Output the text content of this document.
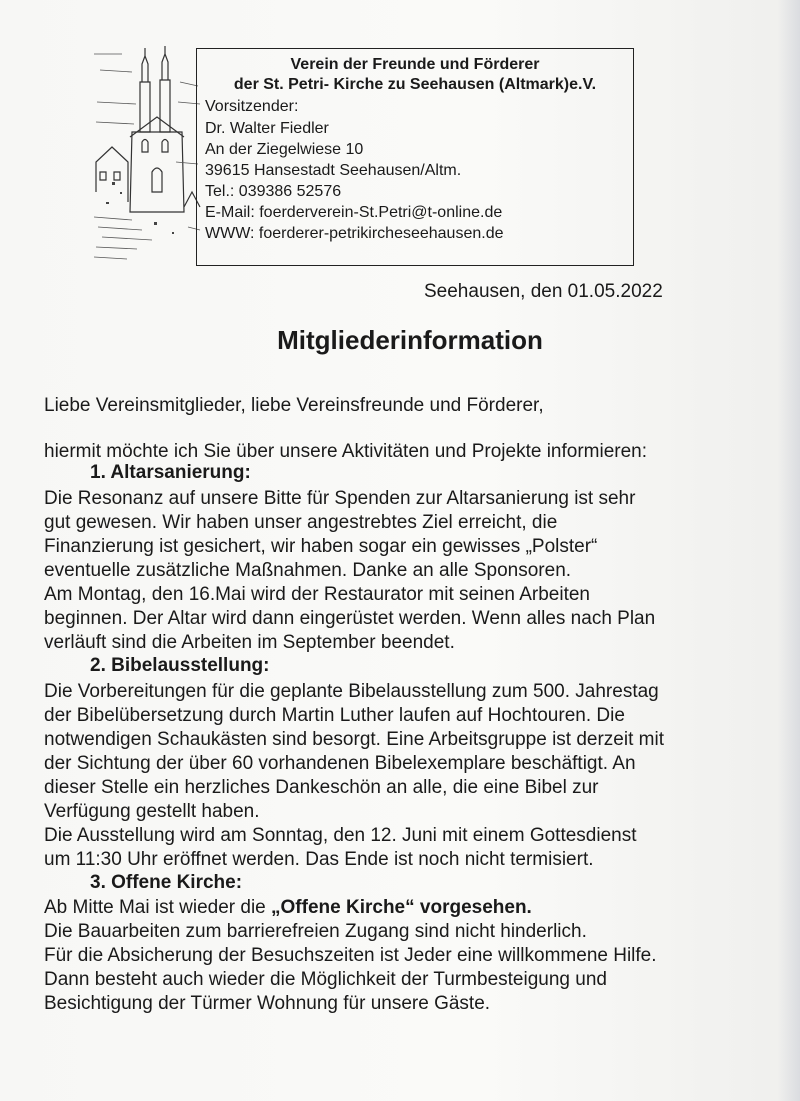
Verein der Freunde und Förderer
der St. Petri- Kirche zu Seehausen (Altmark)e.V.
Vorsitzender:
Dr. Walter Fiedler
An der Ziegelwiese 10
39615 Hansestadt Seehausen/Altm.
Tel.: 039386 52576
E-Mail: foerderverein-St.Petri@t-online.de
WWW: foerderer-petrikircheseehausen.de
Seehausen, den 01.05.2022
Mitgliederinformation
Liebe Vereinsmitglieder, liebe Vereinsfreunde und Förderer,
hiermit möchte ich Sie über unsere Aktivitäten und Projekte informieren:
1. Altarsanierung:
Die Resonanz auf unsere Bitte für Spenden zur Altarsanierung ist sehr
gut gewesen. Wir haben unser angestrebtes Ziel erreicht, die
Finanzierung ist gesichert, wir haben sogar ein gewisses „Polster“
eventuelle zusätzliche Maßnahmen. Danke an alle Sponsoren.
Am Montag, den 16.Mai wird der Restaurator mit seinen Arbeiten
beginnen. Der Altar wird dann eingerüstet werden. Wenn alles nach Plan
verläuft sind die Arbeiten im September beendet.
2. Bibelausstellung:
Die Vorbereitungen für die geplante Bibelausstellung zum 500. Jahrestag
der Bibelübersetzung durch Martin Luther laufen auf Hochtouren. Die
notwendigen Schaukästen sind besorgt. Eine Arbeitsgruppe ist derzeit mit
der Sichtung der über 60 vorhandenen Bibelexemplare beschäftigt. An
dieser Stelle ein herzliches Dankeschön an alle, die eine Bibel zur
Verfügung gestellt haben.
Die Ausstellung wird am Sonntag, den 12. Juni mit einem Gottesdienst
um 11:30 Uhr eröffnet werden. Das Ende ist noch nicht termisiert.
3. Offene Kirche:
Ab Mitte Mai ist wieder die „Offene Kirche“ vorgesehen.
Die Bauarbeiten zum barrierefreien Zugang sind nicht hinderlich.
Für die Absicherung der Besuchszeiten ist Jeder eine willkommene Hilfe.
Dann besteht auch wieder die Möglichkeit der Turmbesteigung und
Besichtigung der Türmer Wohnung für unsere Gäste.
